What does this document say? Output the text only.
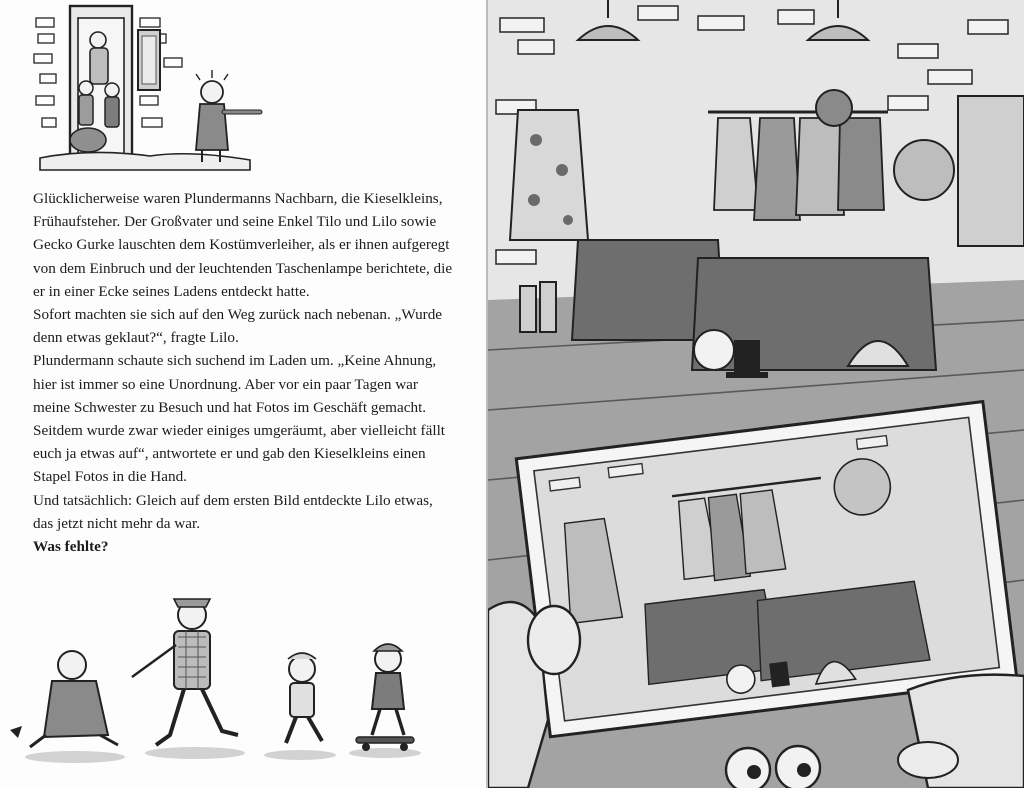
Glücklicherweise waren Plundermanns Nachbarn, die Kieselkleins, Frühaufsteher. Der Großvater und seine Enkel Tilo und Lilo sowie Gecko Gurke lauschten dem Kostümverleiher, als er ihnen aufgeregt von dem Einbruch und der leuchtenden Taschenlampe berichtete, die er in einer Ecke seines Ladens entdeckt hatte.

Sofort machten sie sich auf den Weg zurück nach nebenan. „Wurde denn etwas geklaut?“, fragte Lilo.

Plundermann schaute sich suchend im Laden um. „Keine Ahnung, hier ist immer so eine Unordnung. Aber vor ein paar Tagen war meine Schwester zu Besuch und hat Fotos im Geschäft gemacht. Seitdem wurde zwar wieder einiges umgeräumt, aber vielleicht fällt euch ja etwas auf“, antwortete er und gab den Kieselkleins einen Stapel Fotos in die Hand.

Und tatsächlich: Gleich auf dem ersten Bild entdeckte Lilo etwas, das jetzt nicht mehr da war.

Was fehlte?
